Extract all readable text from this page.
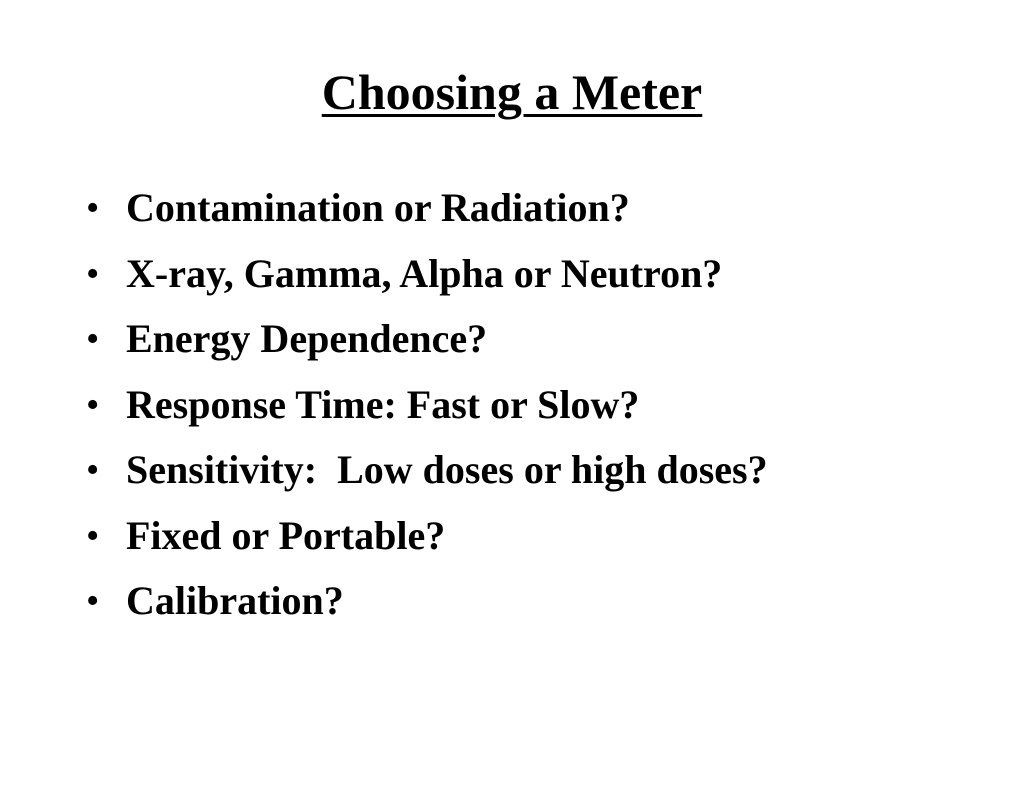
Choosing a Meter

•

Contamination or Radiation?

•

X-ray, Gamma, Alpha or Neutron?

•

Energy Dependence?

•

Response Time: Fast or Slow?

•

Sensitivity:  Low doses or high doses?

•

Fixed or Portable?

•

Calibration?
